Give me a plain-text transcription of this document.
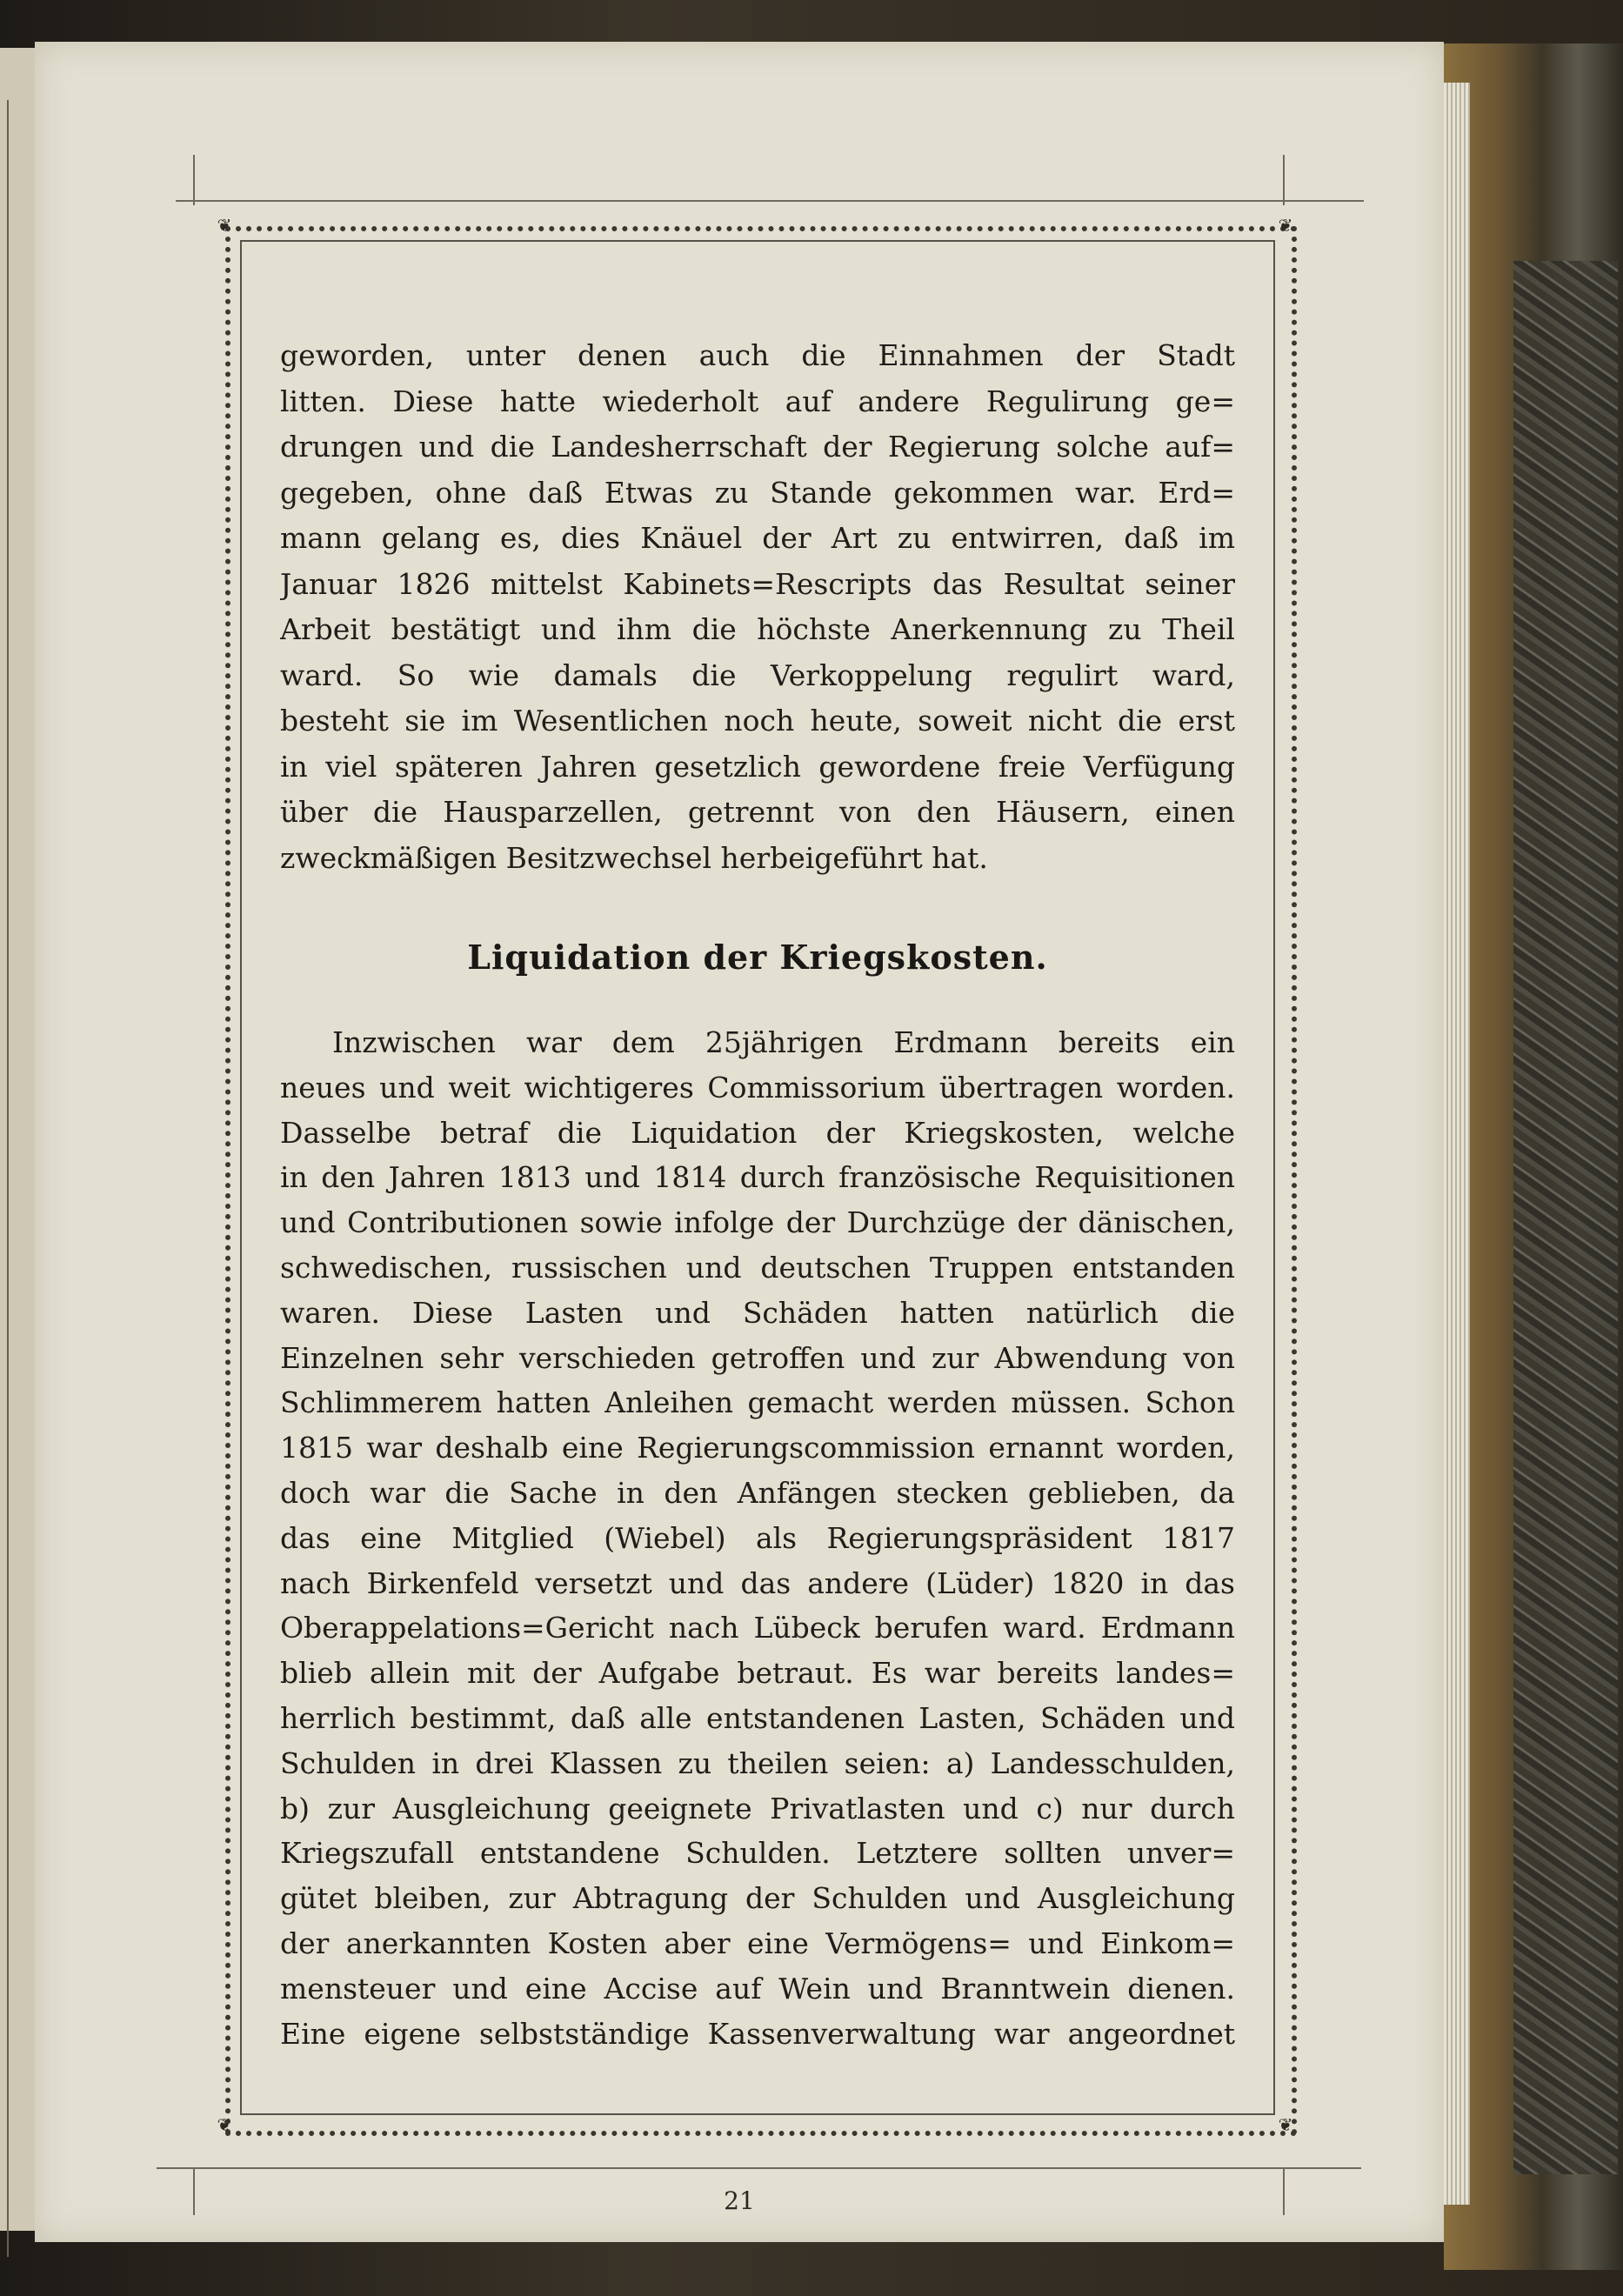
❦	❦
❦	❦
geworden, unter denen auch die Einnahmen der Stadt
litten. Diese hatte wiederholt auf andere Regulirung ge=
drungen und die Landesherrschaft der Regierung solche auf=
gegeben, ohne daß Etwas zu Stande gekommen war. Erd=
mann gelang es, dies Knäuel der Art zu entwirren, daß im
Januar 1826 mittelst Kabinets=Rescripts das Resultat seiner
Arbeit bestätigt und ihm die höchste Anerkennung zu Theil
ward. So wie damals die Verkoppelung regulirt ward,
besteht sie im Wesentlichen noch heute, soweit nicht die erst
in viel späteren Jahren gesetzlich gewordene freie Verfügung
über die Hausparzellen, getrennt von den Häusern, einen
zweckmäßigen Besitzwechsel herbeigeführt hat.
Liquidation der Kriegskosten.
Inzwischen war dem 25jährigen Erdmann bereits ein
neues und weit wichtigeres Commissorium übertragen worden.
Dasselbe betraf die Liquidation der Kriegskosten, welche
in den Jahren 1813 und 1814 durch französische Requisitionen
und Contributionen sowie infolge der Durchzüge der dänischen,
schwedischen, russischen und deutschen Truppen entstanden
waren. Diese Lasten und Schäden hatten natürlich die
Einzelnen sehr verschieden getroffen und zur Abwendung von
Schlimmerem hatten Anleihen gemacht werden müssen. Schon
1815 war deshalb eine Regierungscommission ernannt worden,
doch war die Sache in den Anfängen stecken geblieben, da
das eine Mitglied (Wiebel) als Regierungspräsident 1817
nach Birkenfeld versetzt und das andere (Lüder) 1820 in das
Oberappelations=Gericht nach Lübeck berufen ward. Erdmann
blieb allein mit der Aufgabe betraut. Es war bereits landes=
herrlich bestimmt, daß alle entstandenen Lasten, Schäden und
Schulden in drei Klassen zu theilen seien: a) Landesschulden,
b) zur Ausgleichung geeignete Privatlasten und c) nur durch
Kriegszufall entstandene Schulden. Letztere sollten unver=
gütet bleiben, zur Abtragung der Schulden und Ausgleichung
der anerkannten Kosten aber eine Vermögens= und Einkom=
mensteuer und eine Accise auf Wein und Branntwein dienen.
Eine eigene selbstständige Kassenverwaltung war angeordnet
21
